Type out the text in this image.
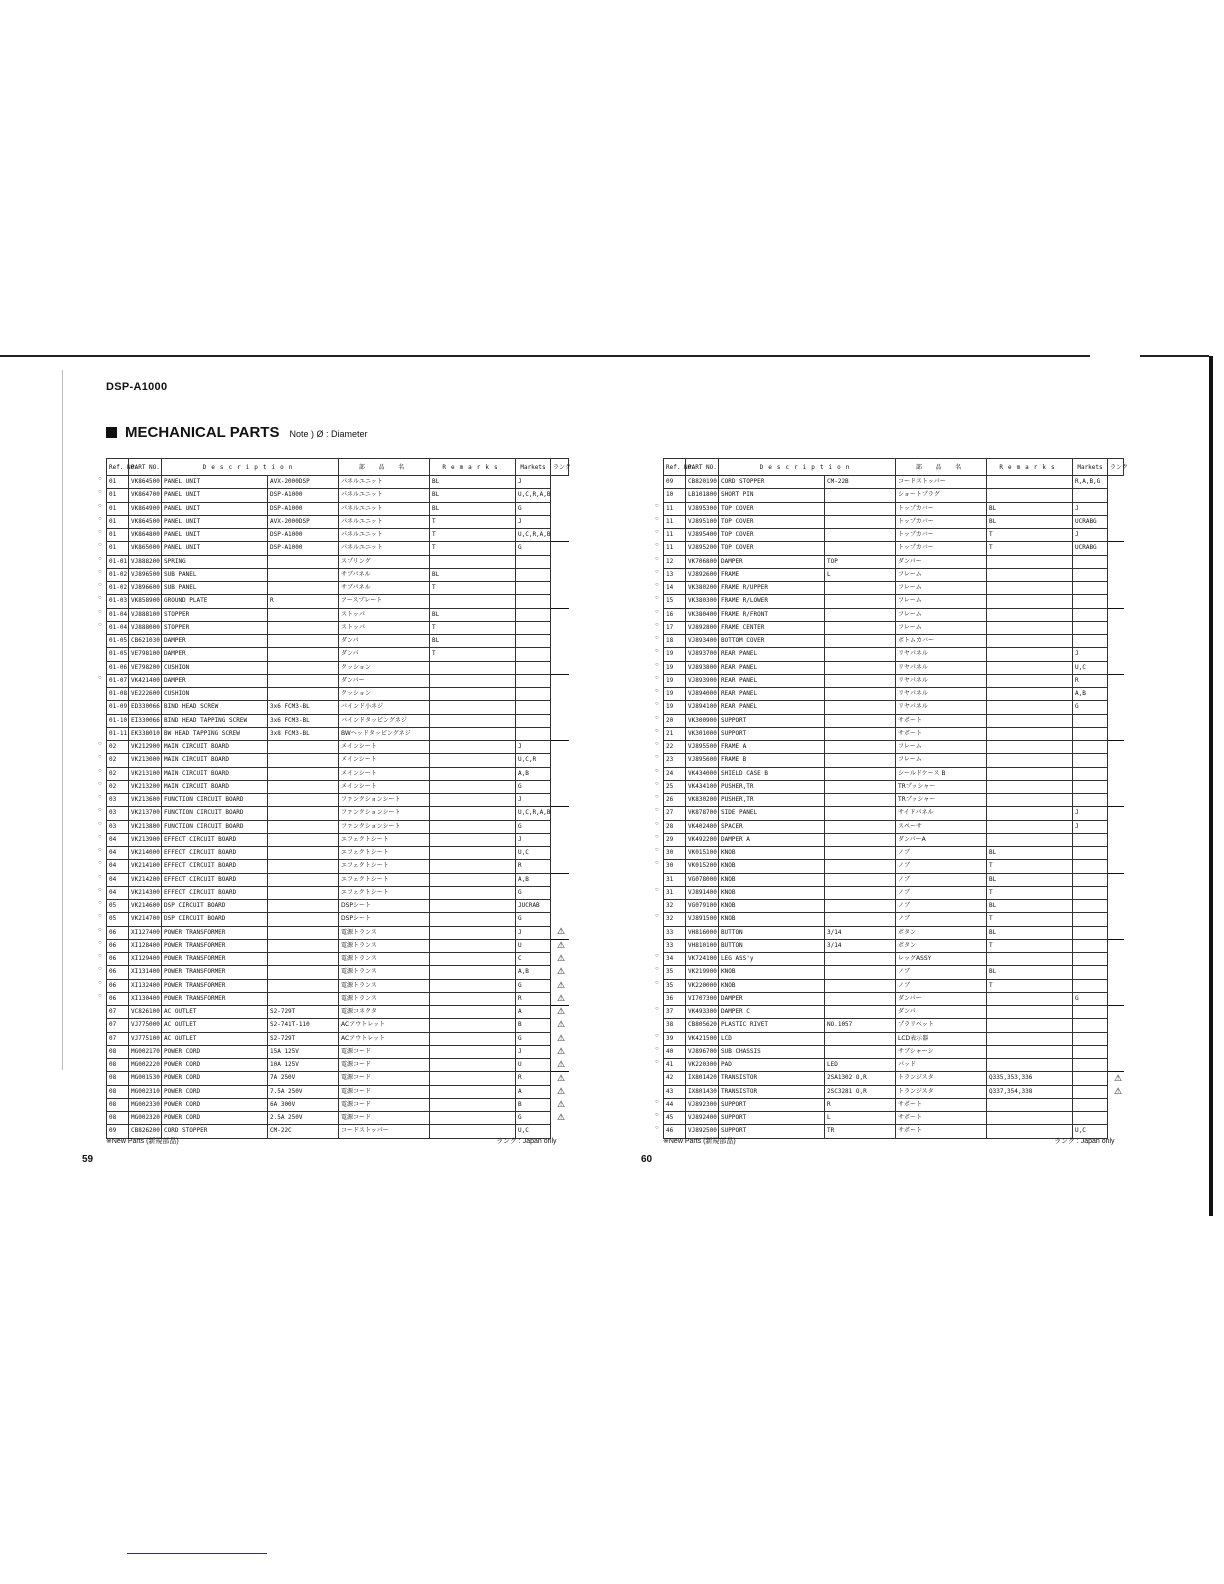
DSP-A1000
MECHANICAL PARTS Note ) Ø : Diameter
Ref. NO.	PART NO.	Description		部 品 名	Remarks	Markets	ランク
01	VK864500	PANEL UNIT	AVX-2000DSP	パネルユニット	BL	J	
01	VK864700	PANEL UNIT	DSP-A1000	パネルユニット	BL	U,C,R,A,B	
01	VK864900	PANEL UNIT	DSP-A1000	パネルユニット	BL	G	
01	VK864500	PANEL UNIT	AVX-2000DSP	パネルユニット	T	J	
01	VK864800	PANEL UNIT	DSP-A1000	パネルユニット	T	U,C,R,A,B	
01	VK865000	PANEL UNIT	DSP-A1000	パネルユニット	T	G	
01-01	VJ888200	SPRING		スプリング			
01-02	VJ896500	SUB PANEL		サブパネル	BL		
01-02	VJ896600	SUB PANEL		サブパネル	T		
01-03	VK858900	GROUND PLATE	R	アースプレート			
01-04	VJ888100	STOPPER		ストッパ	BL		
01-04	VJ888000	STOPPER		ストッパ	T		
01-05	CB621030	DAMPER		ダンパ	BL		
01-05	VE798100	DAMPER		ダンパ	T		
01-06	VE798200	CUSHION		クッション			
01-07	VK421400	DAMPER		ダンパー			
01-08	VE222600	CUSHION		クッション			
01-09	ED330066	BIND HEAD SCREW	3x6 FCM3-BL	バインド小ネジ			
01-10	EI330066	BIND HEAD TAPPING SCREW	3x6 FCM3-BL	バインドタッピングネジ			
01-11	EK338010	BW HEAD TAPPING SCREW	3x8 FCM3-BL	BWヘッドタッピングネジ			
02	VK212900	MAIN CIRCUIT BOARD		メインシート		J	
02	VK213000	MAIN CIRCUIT BOARD		メインシート		U,C,R	
02	VK213100	MAIN CIRCUIT BOARD		メインシート		A,B	
02	VK213200	MAIN CIRCUIT BOARD		メインシート		G	
03	VK213600	FUNCTION CIRCUIT BOARD		ファンクションシート		J	
03	VK213700	FUNCTION CIRCUIT BOARD		ファンクションシート		U,C,R,A,B	
03	VK213800	FUNCTION CIRCUIT BOARD		ファンクションシート		G	
04	VK213900	EFFECT CIRCUIT BOARD		エフェクトシート		J	
04	VK214000	EFFECT CIRCUIT BOARD		エフェクトシート		U,C	
04	VK214100	EFFECT CIRCUIT BOARD		エフェクトシート		R	
04	VK214200	EFFECT CIRCUIT BOARD		エフェクトシート		A,B	
04	VK214300	EFFECT CIRCUIT BOARD		エフェクトシート		G	
05	VK214600	DSP CIRCUIT BOARD		DSPシート		JUCRAB	
05	VK214700	DSP CIRCUIT BOARD		DSPシート		G	
06	XI127400	POWER TRANSFORMER		電源トランス		J	⚠
06	XI128400	POWER TRANSFORMER		電源トランス		U	⚠
06	XI129400	POWER TRANSFORMER		電源トランス		C	⚠
06	XI131400	POWER TRANSFORMER		電源トランス		A,B	⚠
06	XI132400	POWER TRANSFORMER		電源トランス		G	⚠
06	XI130400	POWER TRANSFORMER		電源トランス		R	⚠
07	VC826100	AC OUTLET	S2-729T	電源コネクタ		A	⚠
07	VJ775000	AC OUTLET	S2-741T-110	ACアウトレット		B	⚠
07	VJ775100	AC OUTLET	S2-729T	ACアウトレット		G	⚠
08	MG002170	POWER CORD	15A 125V	電源コード		J	⚠
08	MG002220	POWER CORD	10A 125V	電源コード		U	⚠
08	MG001530	POWER CORD	7A 250V	電源コード		R	⚠
08	MG002310	POWER CORD	7.5A 250V	電源コード		A	⚠
08	MG002330	POWER CORD	6A 300V	電源コード		B	⚠
08	MG002320	POWER CORD	2.5A 250V	電源コード		G	⚠
09	CB826200	CORD STOPPER	CM-22C	コードストッパー		U,C	
Ref. NO.	PART NO.	Description		部 品 名	Remarks	Markets	ランク
09	CB820190	CORD STOPPER	CM-22B	コードストッパー		R,A,B,G	
10	LB101800	SHORT PIN		ショートプラグ			
11	VJ895300	TOP COVER		トップカバー	BL	J	
11	VJ895100	TOP COVER		トップカバー	BL	UCRABG	
11	VJ895400	TOP COVER		トップカバー	T	J	
11	VJ895200	TOP COVER		トップカバー	T	UCRABG	
12	VK706800	DAMPER	TOP	ダンパー			
13	VJ892600	FRAME	L	フレーム			
14	VK380200	FRAME R/UPPER		フレーム			
15	VK380300	FRAME R/LOWER		フレーム			
16	VK380400	FRAME R/FRONT		フレーム			
17	VJ892800	FRAME CENTER		フレーム			
18	VJ893400	BOTTOM COVER		ボトムカバー			
19	VJ893700	REAR PANEL		リヤパネル		J	
19	VJ893800	REAR PANEL		リヤパネル		U,C	
19	VJ893900	REAR PANEL		リヤパネル		R	
19	VJ894000	REAR PANEL		リヤパネル		A,B	
19	VJ894100	REAR PANEL		リヤパネル		G	
20	VK300900	SUPPORT		サポート			
21	VK301000	SUPPORT		サポート			
22	VJ895500	FRAME A		フレーム			
23	VJ895600	FRAME B		フレーム			
24	VK434000	SHIELD CASE B		シールドケース B			
25	VK434100	PUSHER,TR		TRプッシャー			
26	VK830200	PUSHER,TR		TRプッシャー			
27	VK878700	SIDE PANEL		サイドパネル		J	
28	VK402400	SPACER		スペーサ		J	
29	VK492200	DAMPER A		ダンパーA			
30	VK015100	KNOB		ノブ	BL		
30	VK015200	KNOB		ノブ	T		
31	VG078000	KNOB		ノブ	BL		
31	VJ891400	KNOB		ノブ	T		
32	VG079100	KNOB		ノブ	BL		
32	VJ891500	KNOB		ノブ	T		
33	VH816000	BUTTON	3/14	ボタン	BL		
33	VH810100	BUTTON	3/14	ボタン	T		
34	VK724100	LEG ASS'y		レッグASSY			
35	VK219900	KNOB		ノブ	BL		
35	VK220000	KNOB		ノブ	T		
36	VI707300	DAMPER		ダンパー		G	
37	VK493300	DAMPER C		ダンパ			
38	CB805620	PLASTIC RIVET	NO.1057	プラリベット			
39	VK421500	LCD		LCD表示器			
40	VJ896700	SUB CHASSIS		サブシャーシ			
41	VK220300	PAD	LED	パッド			
42	IX801420	TRANSISTOR	2SA1302 O,R	トランジスタ	Q335,353,336		⚠
43	IX801430	TRANSISTOR	2SC3281 O,R	トランジスタ	Q337,354,338		⚠
44	VJ892300	SUPPORT	R	サポート			
45	VJ892400	SUPPORT	L	サポート			
46	VJ892500	SUPPORT	TR	サポート		U,C	
※New Parts (新規部品)	ランク : Japan only	※New Parts (新規部品)	ランク : Japan only
59	60
○
○
○
○
○
○
○
○
○
○
○
○
○
○
○
○
○
○
○
○
○
○
○
○
○
○
○
○
○
○
○
○
○
○
○
○
○
○
○
○
○
○
○
○
○
○
○
○
○
○
○
○
○
○
○
○
○
○
○
○
○
○
○
○
○
○
○
○
○
○
○
○
○
